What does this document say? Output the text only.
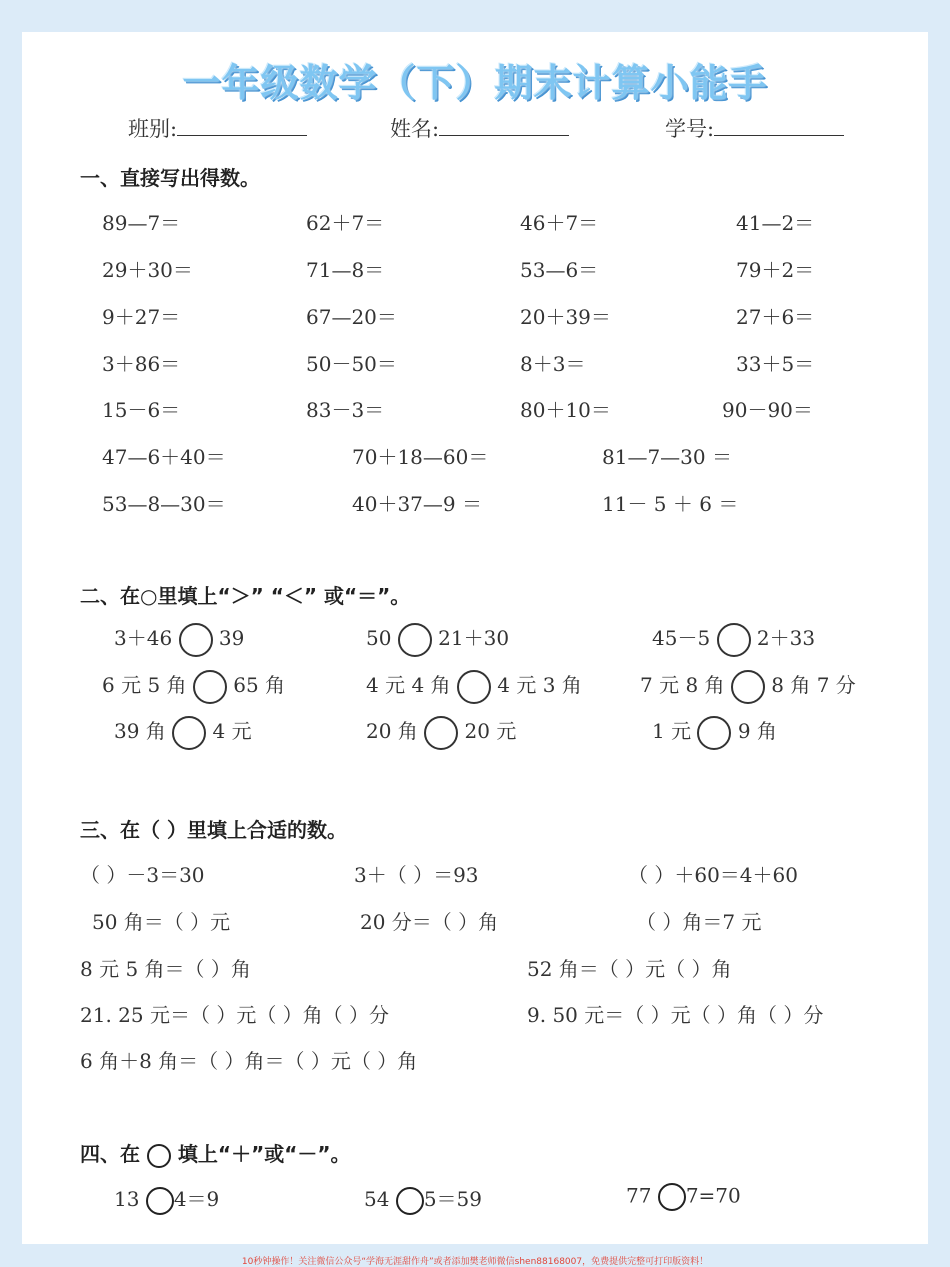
一年级数学（下）期末计算小能手
班别:	姓名:	学号:
一、直接写出得数。
89—7＝	62＋7＝	46＋7＝	41—2＝
29＋30＝	71—8＝	53—6＝	79＋2＝
9＋27＝	67—20＝	20＋39＝	27＋6＝
3＋86＝	50－50＝	8＋3＝	33＋5＝
15－6＝	83－3＝	80＋10＝	90－90＝
47—6＋40＝	70＋18—60＝	81—7—30 ＝
53—8—30＝	40＋37—9 ＝	11－ 5 ＋ 6 ＝
二、在○里填上“＞” “＜” 或“＝”。
3＋46 39	50 21＋30	45－5 2＋33
6 元 5 角 65 角	4 元 4 角 4 元 3 角	7 元 8 角 8 角 7 分
39 角 4 元	20 角 20 元	1 元 9 角
三、在（ ）里填上合适的数。
（ ）－3＝30	3＋（ ）＝93	（ ）＋60＝4＋60
50 角＝（ ）元	20 分＝（ ）角	（ ）角＝7 元
8 元 5 角＝（ ）角	52 角＝（ ）元（ ）角
21. 25 元＝（ ）元（ ）角（ ）分	9. 50 元＝（ ）元（ ）角（ ）分
6 角＋8 角＝（ ）角＝（ ）元（ ）角
四、在  填上“＋”或“－”。
13 4＝9	54 5＝59	77 7=70
10秒钟操作！关注微信公众号“学海无涯甜作舟”或者添加樊老师微信shen88168007，免费提供完整可打印版资料！
